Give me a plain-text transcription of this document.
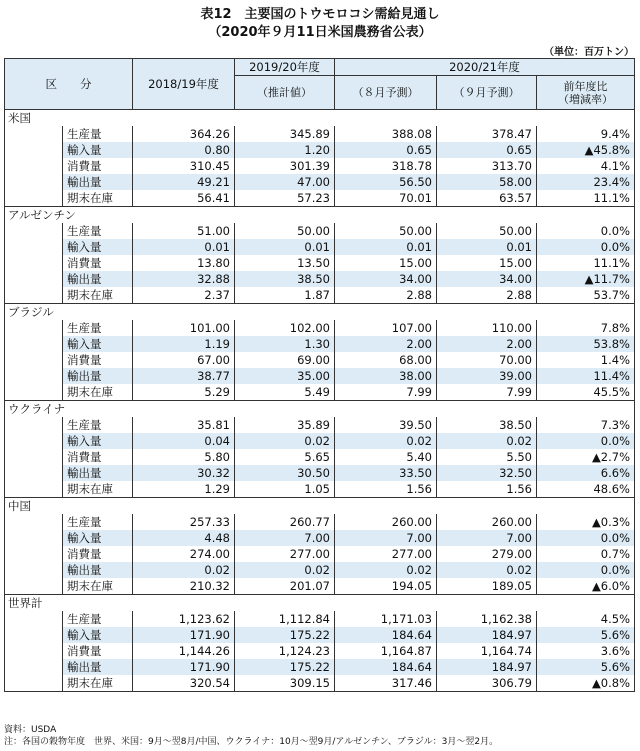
表12　主要国のトウモロコシ需給見通し
（2020年９月11日米国農務省公表）
（単位：百万トン）
区　　分		2018/19年度	2019/20年度	2020/21年度		
			（推計値）	（８月予測）	（９月予測）	前年度比
（増減率）
米国						
	生産量	364.26	345.89	388.08	378.47	9.4%
	輸入量	0.80	1.20	0.65	0.65	▲45.8%
	消費量	310.45	301.39	318.78	313.70	4.1%
	輸出量	49.21	47.00	56.50	58.00	23.4%
	期末在庫	56.41	57.23	70.01	63.57	11.1%
アルゼンチン						
	生産量	51.00	50.00	50.00	50.00	0.0%
	輸入量	0.01	0.01	0.01	0.01	0.0%
	消費量	13.80	13.50	15.00	15.00	11.1%
	輸出量	32.88	38.50	34.00	34.00	▲11.7%
	期末在庫	2.37	1.87	2.88	2.88	53.7%
ブラジル						
	生産量	101.00	102.00	107.00	110.00	7.8%
	輸入量	1.19	1.30	2.00	2.00	53.8%
	消費量	67.00	69.00	68.00	70.00	1.4%
	輸出量	38.77	35.00	38.00	39.00	11.4%
	期末在庫	5.29	5.49	7.99	7.99	45.5%
ウクライナ						
	生産量	35.81	35.89	39.50	38.50	7.3%
	輸入量	0.04	0.02	0.02	0.02	0.0%
	消費量	5.80	5.65	5.40	5.50	▲2.7%
	輸出量	30.32	30.50	33.50	32.50	6.6%
	期末在庫	1.29	1.05	1.56	1.56	48.6%
中国						
	生産量	257.33	260.77	260.00	260.00	▲0.3%
	輸入量	4.48	7.00	7.00	7.00	0.0%
	消費量	274.00	277.00	277.00	279.00	0.7%
	輸出量	0.02	0.02	0.02	0.02	0.0%
	期末在庫	210.32	201.07	194.05	189.05	▲6.0%
世界計						
	生産量	1,123.62	1,112.84	1,171.03	1,162.38	4.5%
	輸入量	171.90	175.22	184.64	184.97	5.6%
	消費量	1,144.26	1,124.23	1,164.87	1,164.74	3.6%
	輸出量	171.90	175.22	184.64	184.97	5.6%
	期末在庫	320.54	309.15	317.46	306.79	▲0.8%
資料：USDA
注：各国の穀物年度　世界、米国：9月～翌8月/中国、ウクライナ：10月～翌9月/アルゼンチン、ブラジル：3月～翌2月。
